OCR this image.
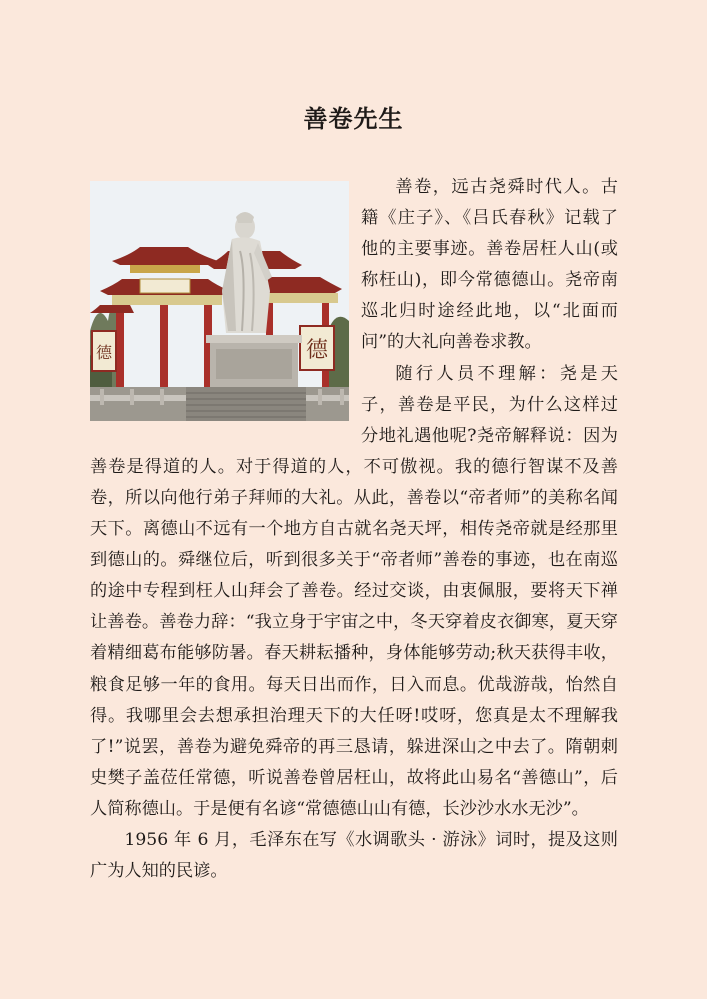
善卷先生
德
德

善卷，远古尧舜时代人。古籍《庄子》、《吕氏春秋》记载了他的主要事迹。善卷居枉人山(或称枉山)，即今常德德山。尧帝南巡北归时途经此地，以“北面而问”的大礼向善卷求教。

随行人员不理解：尧是天子，善卷是平民，为什么这样过分地礼遇他呢?尧帝解释说：因为善卷是得道的人。对于得道的人，不可傲视。我的德行智谋不及善卷，所以向他行弟子拜师的大礼。从此，善卷以“帝者师”的美称名闻天下。离德山不远有一个地方自古就名尧天坪，相传尧帝就是经那里到德山的。舜继位后，听到很多关于“帝者师”善卷的事迹，也在南巡的途中专程到枉人山拜会了善卷。经过交谈，由衷佩服，要将天下禅让善卷。善卷力辞：“我立身于宇宙之中，冬天穿着皮衣御寒，夏天穿着精细葛布能够防暑。春天耕耘播种，身体能够劳动;秋天获得丰收，粮食足够一年的食用。每天日出而作，日入而息。优哉游哉，怡然自得。我哪里会去想承担治理天下的大任呀!哎呀，您真是太不理解我了!”说罢，善卷为避免舜帝的再三恳请，躲进深山之中去了。隋朝刺史樊子盖莅任常德，听说善卷曾居枉山，故将此山易名“善德山”，后人简称德山。于是便有名谚“常德德山山有德，长沙沙水水无沙”。

1956 年 6 月，毛泽东在写《水调歌头 · 游泳》词时，提及这则广为人知的民谚。
